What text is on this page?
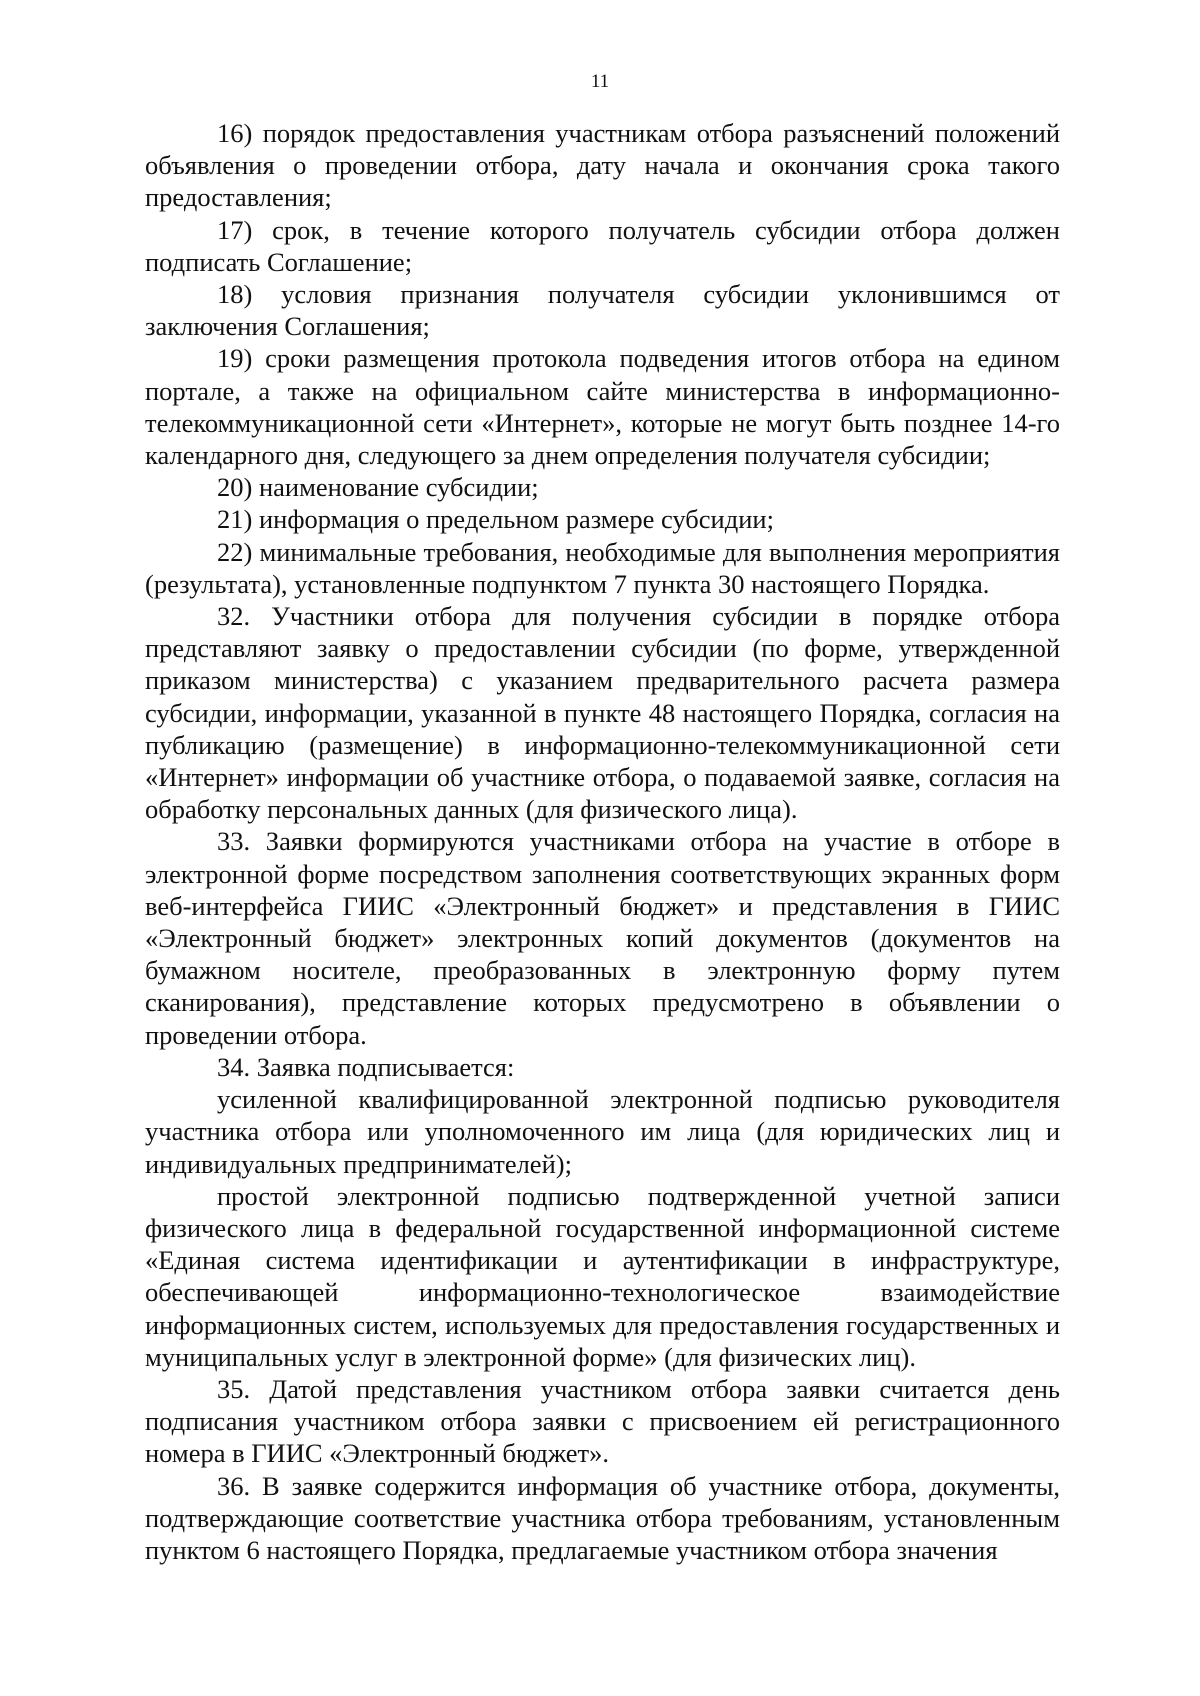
11

16) порядок предоставления участникам отбора разъяснений положений объявления о проведении отбора, дату начала и окончания срока такого предоставления;

17) срок, в течение которого получатель субсидии отбора должен подписать Соглашение;

18) условия признания получателя субсидии уклонившимся от заключения Соглашения;

19) сроки размещения протокола подведения итогов отбора на едином портале, а также на официальном сайте министерства в информационно-телекоммуникационной сети «Интернет», которые не могут быть позднее 14-го календарного дня, следующего за днем определения получателя субсидии;

20) наименование субсидии;

21) информация о предельном размере субсидии;

22) минимальные требования, необходимые для выполнения мероприятия (результата), установленные подпунктом 7 пункта 30 настоящего Порядка.

32. Участники отбора для получения субсидии в порядке отбора представляют заявку о предоставлении субсидии (по форме, утвержденной приказом министерства) с указанием предварительного расчета размера субсидии, информации, указанной в пункте 48 настоящего Порядка, согласия на публикацию (размещение) в информационно-телекоммуникационной сети «Интернет» информации об участнике отбора, о подаваемой заявке, согласия на обработку персональных данных (для физического лица).

33. Заявки формируются участниками отбора на участие в отборе в электронной форме посредством заполнения соответствующих экранных форм веб-интерфейса ГИИС «Электронный бюджет» и представления в ГИИС «Электронный бюджет» электронных копий документов (документов на бумажном носителе, преобразованных в электронную форму путем сканирования), представление которых предусмотрено в объявлении о проведении отбора.

34. Заявка подписывается:

усиленной квалифицированной электронной подписью руководителя участника отбора или уполномоченного им лица (для юридических лиц и индивидуальных предпринимателей);

простой электронной подписью подтвержденной учетной записи физического лица в федеральной государственной информационной системе «Единая система идентификации и аутентификации в инфраструктуре, обеспечивающей информационно-технологическое взаимодействие информационных систем, используемых для предоставления государственных и муниципальных услуг в электронной форме» (для физических лиц).

35. Датой представления участником отбора заявки считается день подписания участником отбора заявки с присвоением ей регистрационного номера в ГИИС «Электронный бюджет».

36. В заявке содержится информация об участнике отбора, документы, подтверждающие соответствие участника отбора требованиям, установленным пунктом 6 настоящего Порядка, предлагаемые участником отбора значения
